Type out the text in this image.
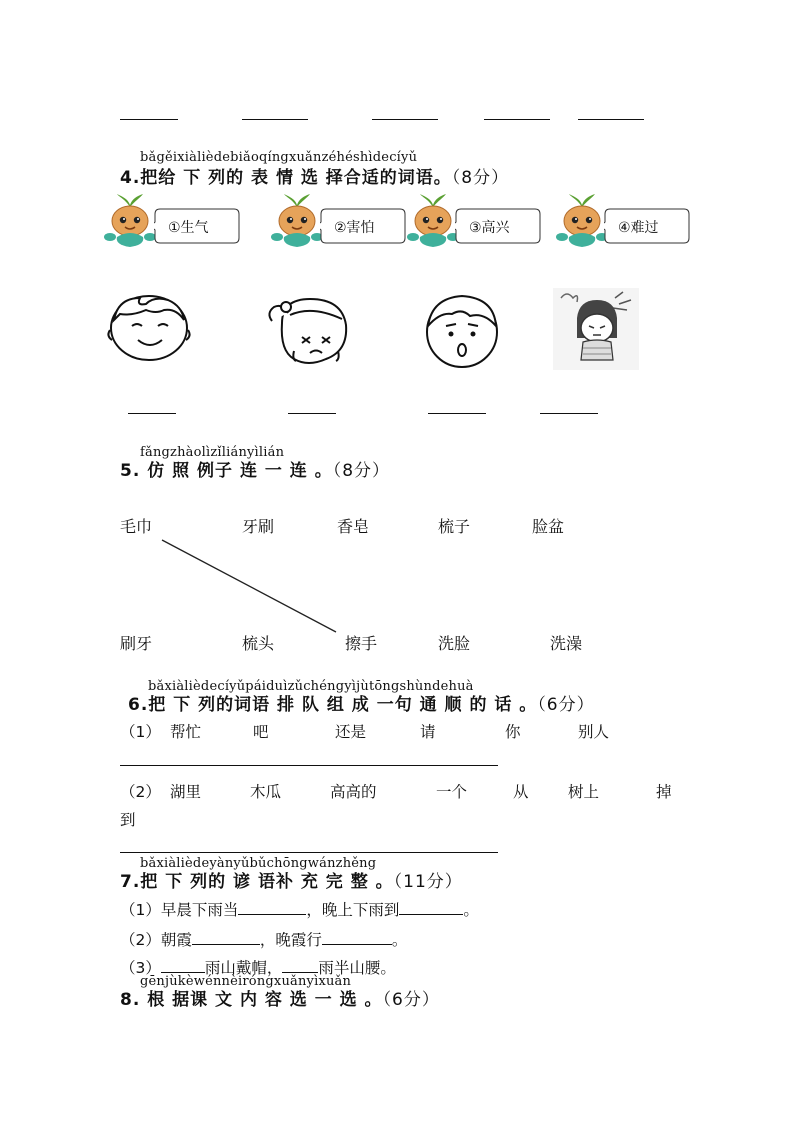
bǎgěixiàlièdebiǎoqíngxuǎnzéhéshìdecíyǔ
4.把给 下 列的 表 情 选 择合适的词语。（8分）
①生气	②害怕	③高兴	④难过
fǎngzhàolìzǐliányìlián
5. 仿 照 例子 连 一 连 。（8分）
毛巾	牙刷	香皂	梳子	脸盆
刷牙	梳头	擦手	洗脸	洗澡
bǎxiàlièdecíyǔpáiduìzǔchéngyìjùtōngshùndehuà
6.把 下 列的词语 排 队 组 成 一句 通 顺 的 话 。（6分）
（1） 帮忙	吧	还是	请	你	别人
（2） 湖里	木瓜	高高的	一个	从	树上	掉
到
bǎxiàlièdeyànyǔbǔchōngwánzhěng
7.把 下 列的 谚 语补 充 完 整 。（11分）
（1）早晨下雨当	，晚上下雨到	。
（2）朝霞	，晚霞行	。
（3）	雨山戴帽， 雨半山腰。
gēnjùkèwénnèiróngxuǎnyìxuǎn
8. 根 据课 文 内 容 选 一 选 。（6分）
